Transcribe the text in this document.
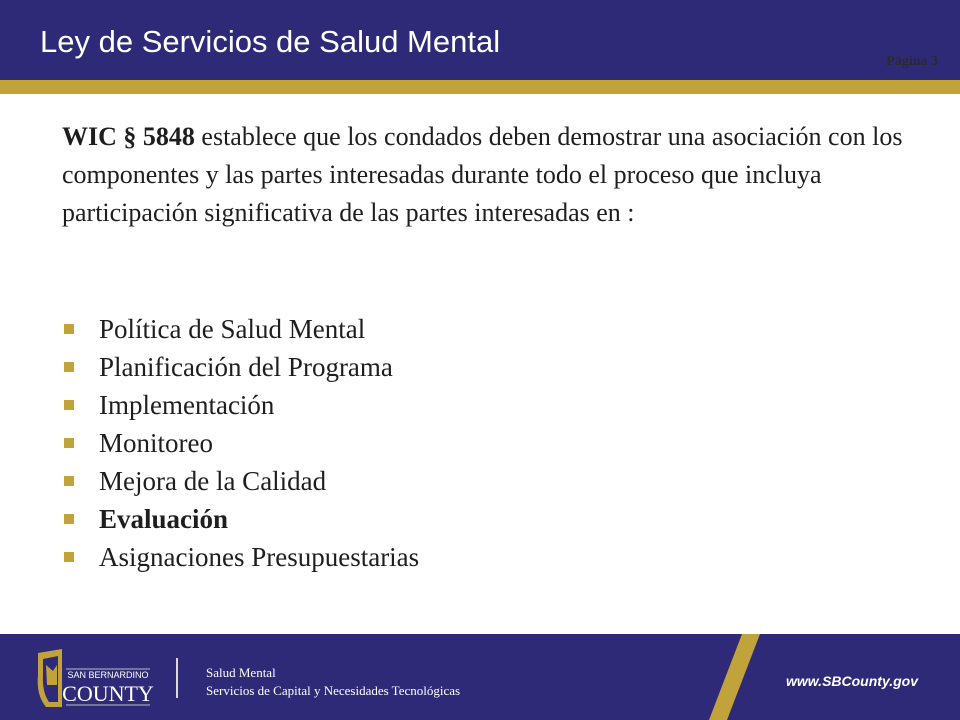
Ley de Servicios de Salud Mental
Página 3
WIC § 5848 establece que los condados deben demostrar una asociación con los componentes y las partes interesadas durante todo el proceso que incluya participación significativa de las partes interesadas en :
Política de Salud Mental
Planificación del Programa
Implementación
Monitoreo
Mejora de la Calidad
Evaluación
Asignaciones Presupuestarias
SAN BERNARDINO
COUNTY
Salud Mental
Servicios de Capital y Necesidades Tecnológicas
www.SBCounty.gov
